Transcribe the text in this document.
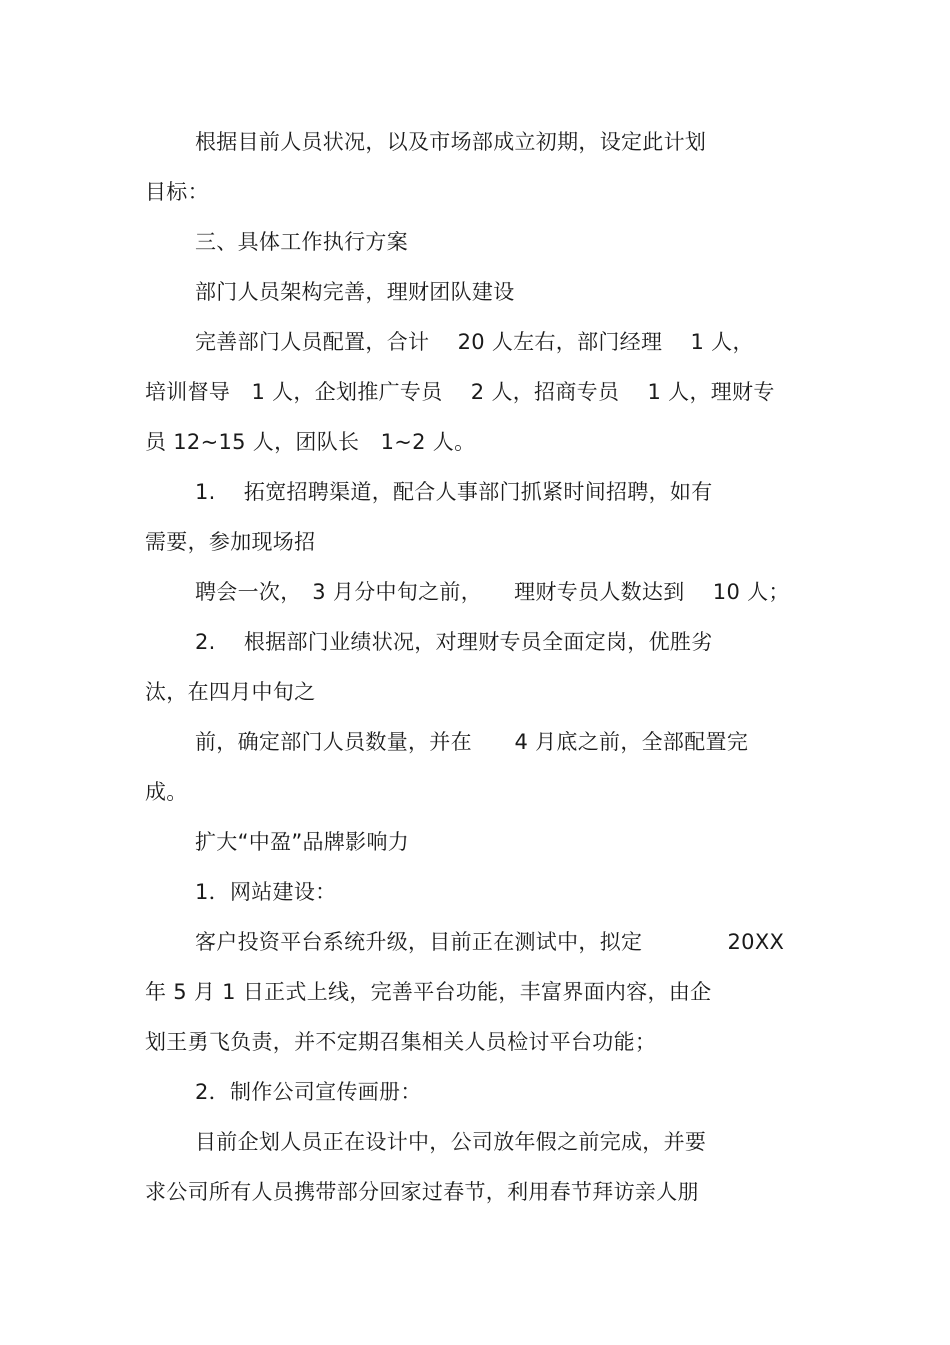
根据目前人员状况，以及市场部成立初期，设定此计划
目标：
三、具体工作执行方案
部门人员架构完善，理财团队建设
完善部门人员配置，合计　 20 人左右，部门经理　 1 人，
培训督导　1 人，企划推广专员　 2 人，招商专员　 1 人，理财专
员 12~15 人，团队长　1~2 人。
1.　 拓宽招聘渠道，配合人事部门抓紧时间招聘，如有
需要，参加现场招
聘会一次，　3 月分中旬之前，　　理财专员人数达到　 10 人；
2.　 根据部门业绩状况，对理财专员全面定岗，优胜劣
汰，在四月中旬之
前，确定部门人员数量，并在　　4 月底之前，全部配置完
成。
扩大“中盈”品牌影响力
1．网站建设：
客户投资平台系统升级，目前正在测试中，拟定　　　　20XX
年 5 月 1 日正式上线，完善平台功能，丰富界面内容，由企
划王勇飞负责，并不定期召集相关人员检讨平台功能；
2．制作公司宣传画册：
目前企划人员正在设计中，公司放年假之前完成，并要
求公司所有人员携带部分回家过春节，利用春节拜访亲人朋
